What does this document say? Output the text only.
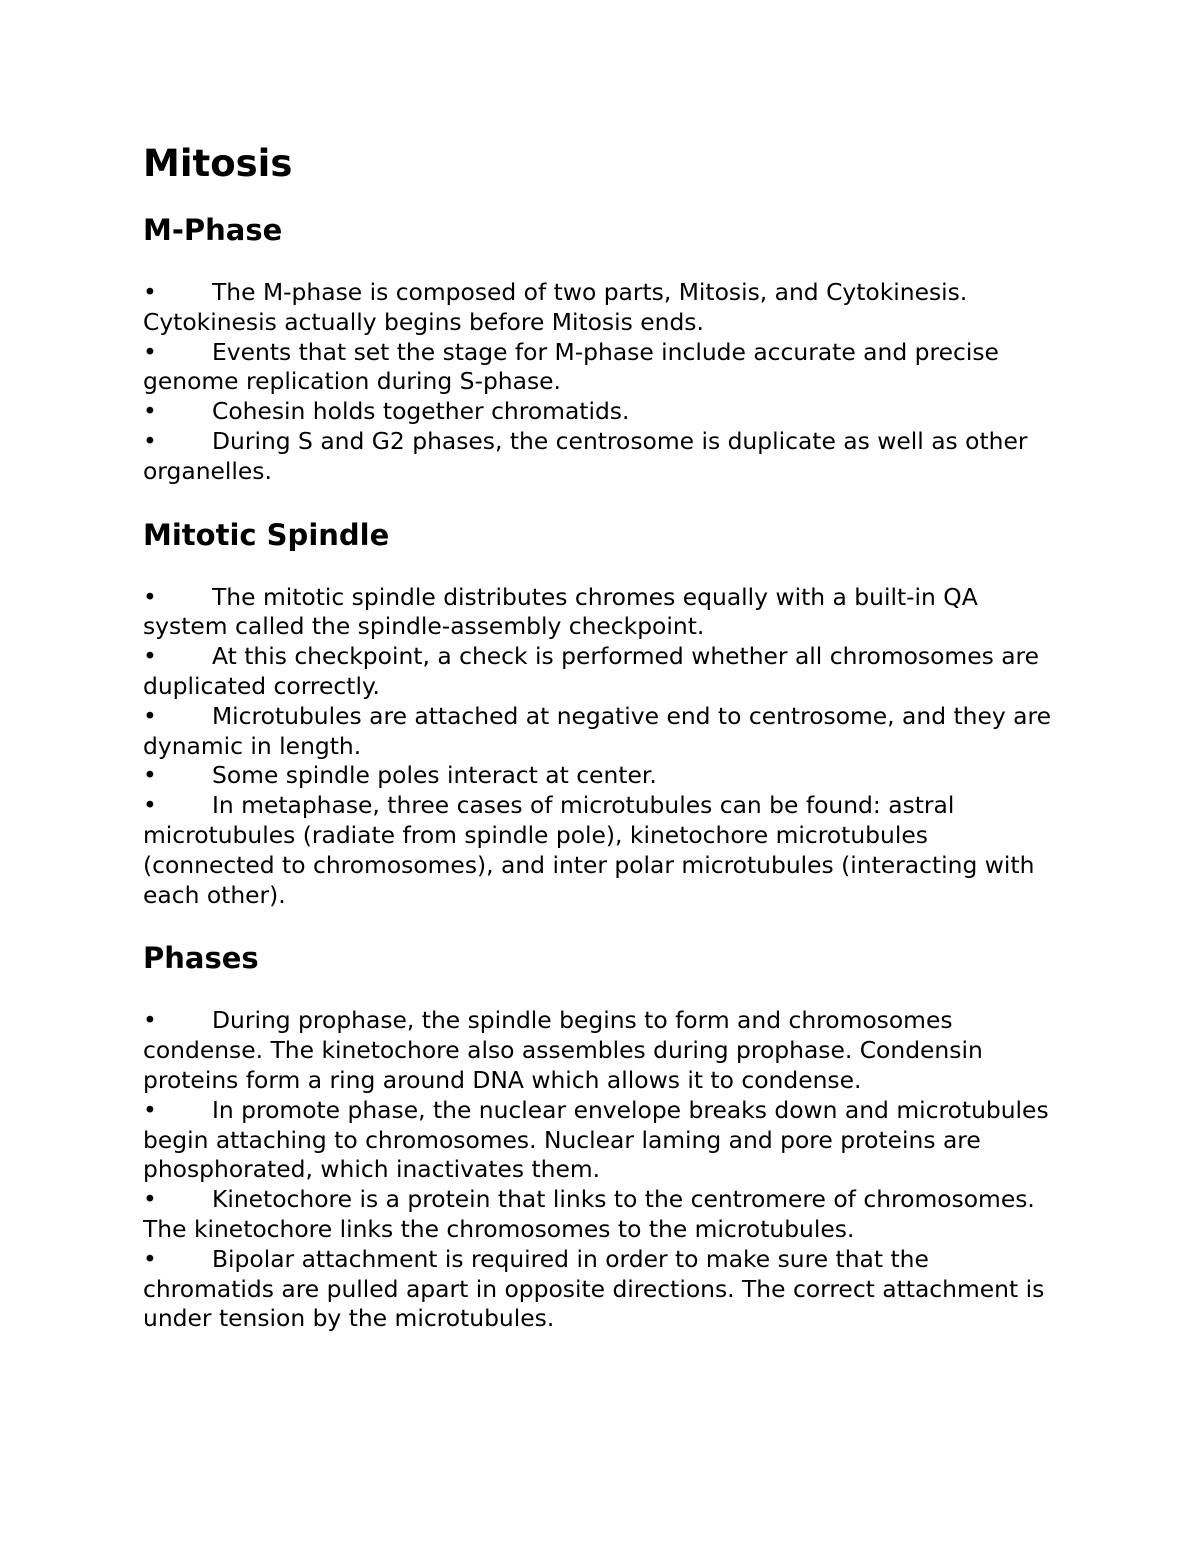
Mitosis
M-Phase
• The M-phase is composed of two parts, Mitosis, and Cytokinesis. Cytokinesis actually begins before Mitosis ends.
• Events that set the stage for M-phase include accurate and precise genome replication during S-phase.
• Cohesin holds together chromatids.
• During S and G2 phases, the centrosome is duplicate as well as other organelles.
Mitotic Spindle
• The mitotic spindle distributes chromes equally with a built-in QA system called the spindle-assembly checkpoint.
• At this checkpoint, a check is performed whether all chromosomes are duplicated correctly.
• Microtubules are attached at negative end to centrosome, and they are dynamic in length.
• Some spindle poles interact at center.
• In metaphase, three cases of microtubules can be found: astral microtubules (radiate from spindle pole), kinetochore microtubules (connected to chromosomes), and inter polar microtubules (interacting with each other).
Phases
• During prophase, the spindle begins to form and chromosomes condense. The kinetochore also assembles during prophase. Condensin proteins form a ring around DNA which allows it to condense.
• In promote phase, the nuclear envelope breaks down and microtubules begin attaching to chromosomes. Nuclear laming and pore proteins are phosphorated, which inactivates them.
• Kinetochore is a protein that links to the centromere of chromosomes. The kinetochore links the chromosomes to the microtubules.
• Bipolar attachment is required in order to make sure that the chromatids are pulled apart in opposite directions. The correct attachment is under tension by the microtubules.
